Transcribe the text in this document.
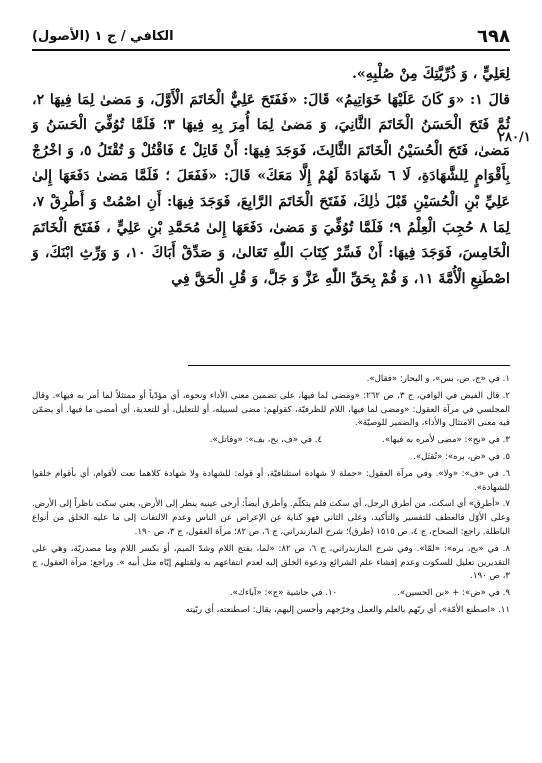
٦٩٨
الكافي / ج ١ (الأصول)
٢٨٠/١

لِعَلِيٍّ ، وَ ذُرِّيَّتِكَ مِنْ صُلْبِهِ».

قالَ ١: «وَ كَانَ عَلَيْهَا خَوَاتِيمُ» قَالَ: «فَفَتَحَ عَلِيٌّ الْخَاتَمَ الْأَوَّلَ، وَ مَضىٰ لِمَا فِيهَا ٢، ثُمَّ فَتَحَ الْحَسَنُ الْخَاتَمَ الثَّانِيَ، وَ مَضىٰ لِمَا أُمِرَ بِهِ فِيهَا ٣؛ فَلَمَّا تُوُفِّيَ الْحَسَنُ وَ مَضىٰ، فَتَحَ الْحُسَيْنُ الْخَاتَمَ الثَّالِثَ، فَوَجَدَ فِيهَا: أَنْ قَاتِلْ ٤ فَاقْتُلْ وَ تُقْتَلُ ٥، وَ اخْرُجْ بِأَقْوَامٍ لِلشَّهَادَةِ، لَا ٦ شَهَادَةَ لَهُمْ إِلَّا مَعَكَ» قَالَ: «فَفَعَلَ ؛ فَلَمَّا مَضىٰ دَفَعَهَا إِلىٰ عَلِيِّ بْنِ الْحُسَيْنِ قَبْلَ ذٰلِكَ، فَفَتَحَ الْخَاتَمَ الرَّابِعَ، فَوَجَدَ فِيهَا: أَنِ اصْمُتْ وَ أَطْرِقْ ٧، لِمَا ٨ حُجِبَ الْعِلْمُ ٩؛ فَلَمَّا تُوُفِّيَ وَ مَضىٰ، دَفَعَهَا إِلىٰ مُحَمَّدِ بْنِ عَلِيٍّ ، فَفَتَحَ الْخَاتَمَ الْخَامِسَ، فَوَجَدَ فِيهَا: أَنْ فَسِّرْ كِتَابَ اللّٰهِ تَعَالىٰ، وَ صَدِّقْ أَبَاكَ ١٠، وَ وَرِّثِ ابْنَكَ، وَ اصْطَنِعِ الْأُمَّةَ ١١، وَ قُمْ بِحَقِّ اللّٰهِ عَزَّ وَ جَلَّ، وَ قُلِ الْحَقَّ فِي

١. في «ج، ض، بس»، و البحار: «فقال».

٢. قال الفيض في الوافي، ج ٣، ص ٢٦٢: «ومضى لما فيها، على تضمين معنى الأداء ونحوه، أي مؤدّياً أو ممتثلاً لما أمر به فيها». وقال المجلسي في مرآة العقول: «ومضى لما فيها، اللام للظرفيّة، كقولهم: مضى لسبيله، أو للتعليل، أو للتعدية، أي أمضى ما فيها. أو يضمّن فيه معنى الامتثال والأداء، والضمير للوصيّة».

٣. في «بح»: «مضى لأمره به فيها».

٤. في «ف، بح، بف»: «وقاتل».

٥. في «ض، بره»: «تُقتَل».

٦. في «ف»: «ولا». وفي مرآة العقول: «جملة لا شهادة استئنافيّة، أو قوله: للشهادة ولا شهادة كلاهما نعت لأقوام، أي بأقوام خلقوا للشهادة».

٧. «أطرِق» أي اسكت، من أطرق الرجل، أي سكت فلم يتكلّم. وأطرق أيضاً: أرخى عينيه ينظر إلى الأرض، يعني سكت ناظراً إلى الأرض. وعلى الأوّل فالعطف للتفسير والتأكيد، وعلى الثاني فهو كناية عن الإعراض عن الناس وعدم الالتفات إلى ما عليه الخلق من أنواع الباطلة. راجع: الصحاح، ج ٤، ص ١٥١٥ (طرق)؛ شرح المازندراني، ج ٦، ص ٨٢؛ مرآة العقول، ج ٣، ص ١٩٠.

٨. في «بح، بره»: «لمّا». وفي شرح المازندراني، ج ٦، ص ٨٢: «لما، بفتح اللام وشدّ الميم، أو بكسر اللام وما مصدريّة، وهي على التقديرين تعليل للسكوت وعدم إفشاء علم الشرائع ودعوة الخلق إليه لعدم انتفاعهم به ولقتلهم إيّاه مثل أبيه ». وراجع: مرآة العقول، ج ٣، ص ١٩٠.

٩. في «ض»: + «بن الحسين».

١٠. في حاشية «ج»: «آباءك».

١١. «اصطنع الأمّة»، أي ربّهم بالعلم والعمل وخرّجهم وأحسن إليهم، يقال: اصطنعته، أي ربّيته
